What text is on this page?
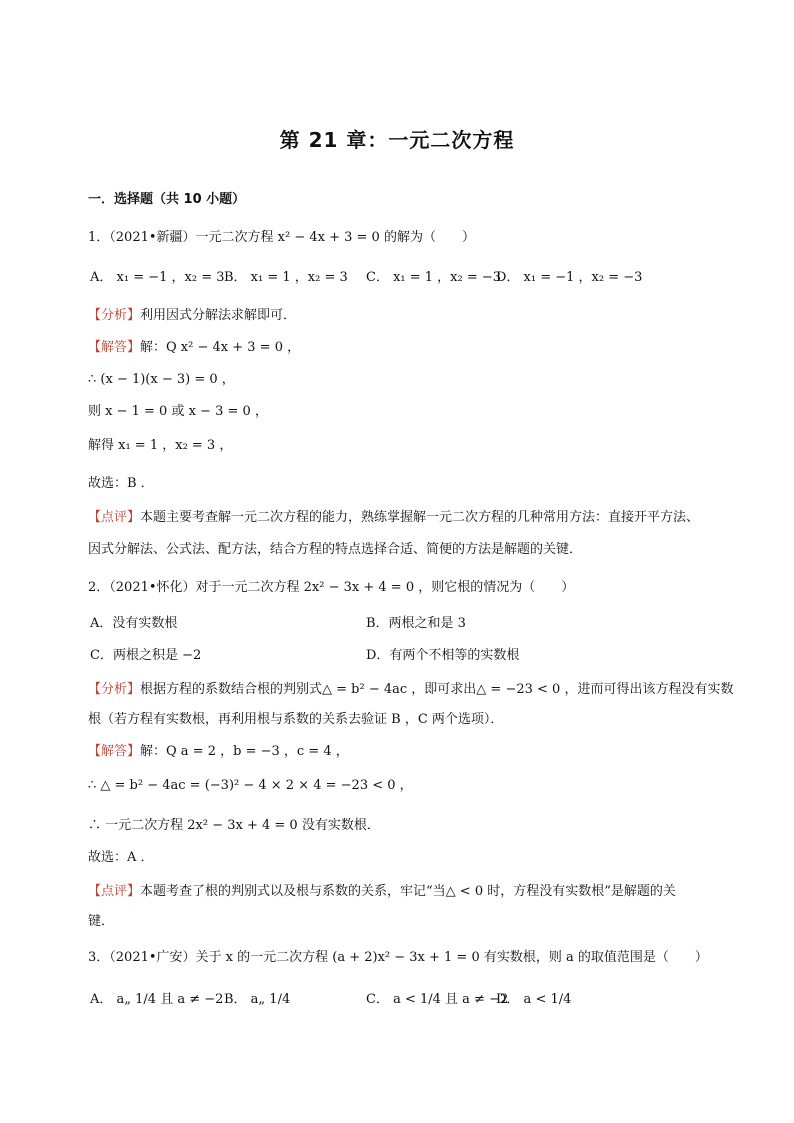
第 21 章：一元二次方程
一．选择题（共 10 小题）
1．（2021•新疆）一元二次方程 x² − 4x + 3 = 0 的解为（　　）
A． x₁ = −1 ，x₂ = 3 B． x₁ = 1 ，x₂ = 3 C． x₁ = 1 ，x₂ = −3
D． x₁ = −1 ，x₂ = −3
【分析】利用因式分解法求解即可．
【解答】解：Q x² − 4x + 3 = 0 ，
∴ (x − 1)(x − 3) = 0 ，
则 x − 1 = 0 或 x − 3 = 0 ，
解得 x₁ = 1 ，x₂ = 3 ，
故选：B ．
【点评】本题主要考查解一元二次方程的能力，熟练掌握解一元二次方程的几种常用方法：直接开平方法、
因式分解法、公式法、配方法，结合方程的特点选择合适、简便的方法是解题的关键．
2．（2021•怀化）对于一元二次方程 2x² − 3x + 4 = 0 ，则它根的情况为（　　）
A．没有实数根	B．两根之和是 3
C．两根之积是 −2	D．有两个不相等的实数根
【分析】根据方程的系数结合根的判别式△ = b² − 4ac ，即可求出△ = −23 < 0 ，进而可得出该方程没有实数
根（若方程有实数根，再利用根与系数的关系去验证 B ，C 两个选项）．
【解答】解：Q a = 2 ，b = −3 ，c = 4 ，
∴ △ = b² − 4ac = (−3)² − 4 × 2 × 4 = −23 < 0 ，
∴ 一元二次方程 2x² − 3x + 4 = 0 没有实数根．
故选：A ．
【点评】本题考查了根的判别式以及根与系数的关系，牢记“当△ < 0 时，方程没有实数根”是解题的关
键．
3．（2021•广安）关于 x 的一元二次方程 (a + 2)x² − 3x + 1 = 0 有实数根，则 a 的取值范围是（　　）
A． a„ 1/4 且 a ≠ −2 B． a„ 1/4	C． a < 1/4 且 a ≠ −2
D． a < 1/4
